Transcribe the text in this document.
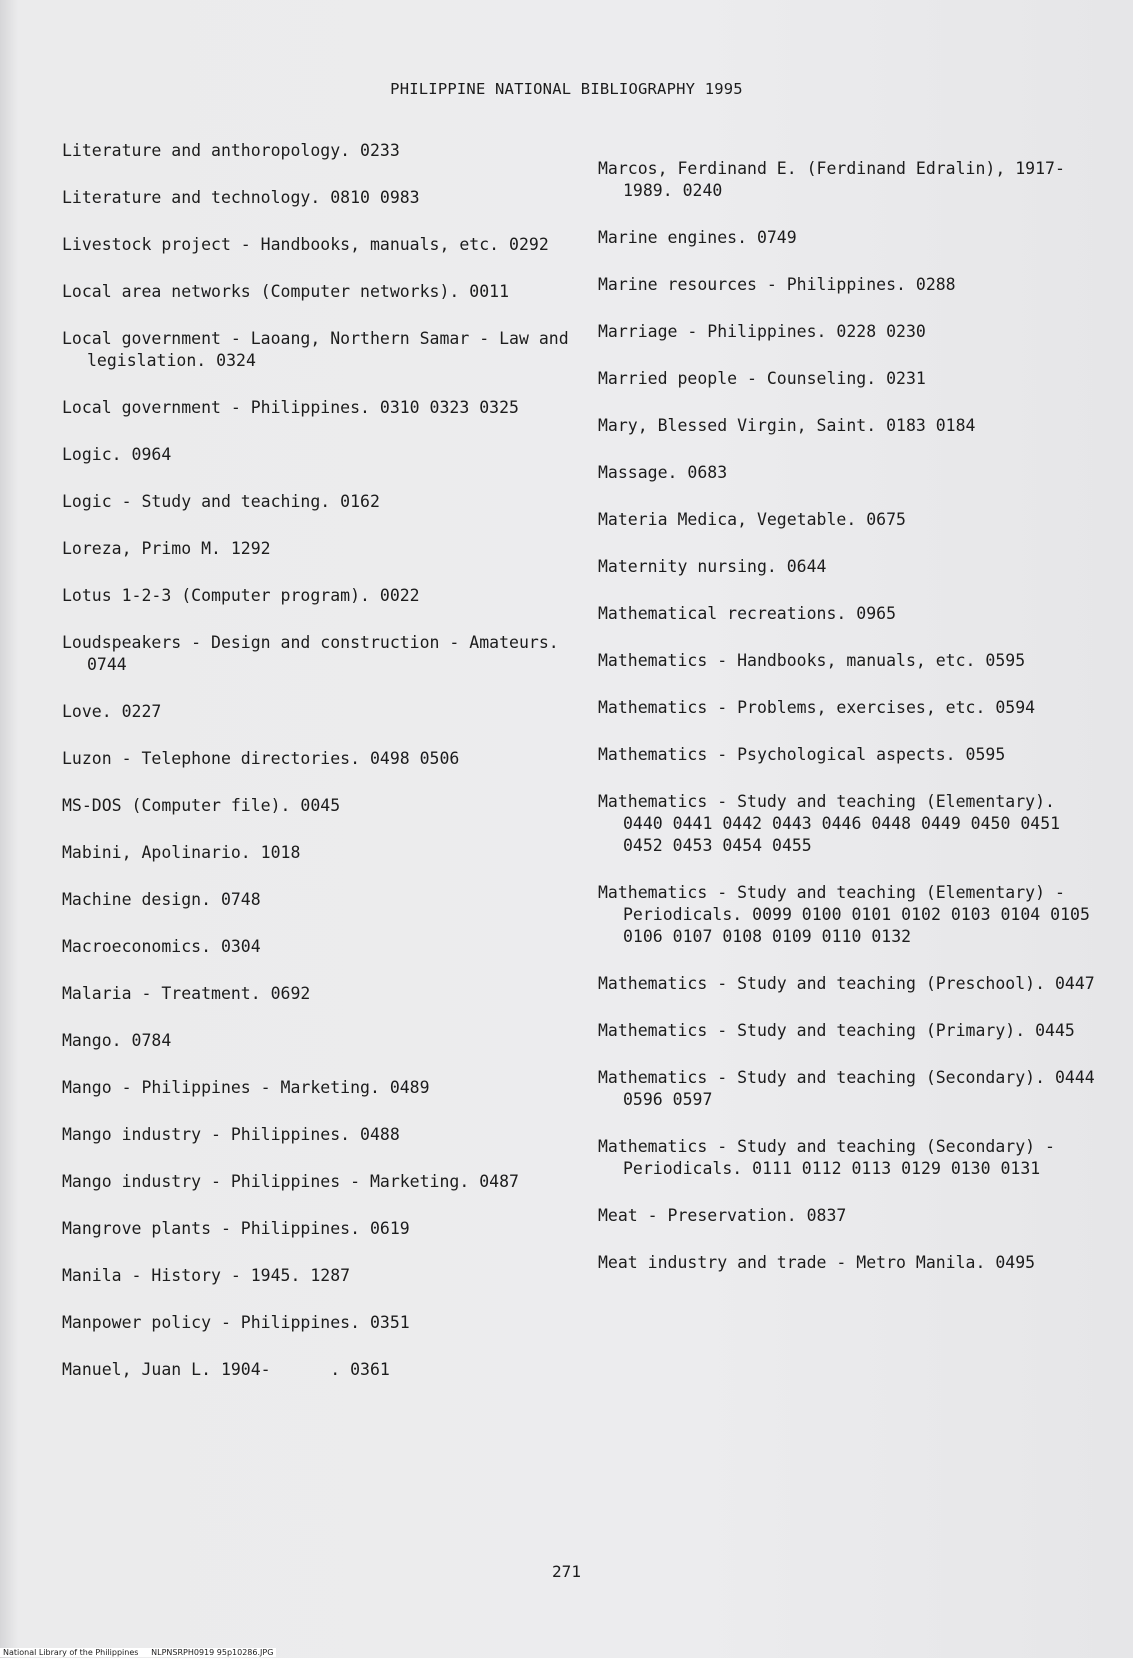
PHILIPPINE NATIONAL BIBLIOGRAPHY 1995
Literature and anthoropology. 0233
Literature and technology. 0810 0983
Livestock project - Handbooks, manuals, etc. 0292
Local area networks (Computer networks). 0011
Local government - Laoang, Northern Samar - Law and legislation. 0324
Local government - Philippines. 0310 0323 0325
Logic. 0964
Logic - Study and teaching. 0162
Loreza, Primo M. 1292
Lotus 1-2-3 (Computer program). 0022
Loudspeakers - Design and construction - Amateurs. 0744
Love. 0227
Luzon - Telephone directories. 0498 0506
MS-DOS (Computer file). 0045
Mabini, Apolinario. 1018
Machine design. 0748
Macroeconomics. 0304
Malaria - Treatment. 0692
Mango. 0784
Mango - Philippines - Marketing. 0489
Mango industry - Philippines. 0488
Mango industry - Philippines - Marketing. 0487
Mangrove plants - Philippines. 0619
Manila - History - 1945. 1287
Manpower policy - Philippines. 0351
Manuel, Juan L. 1904-      . 0361
Marcos, Ferdinand E. (Ferdinand Edralin), 1917-1989. 0240
Marine engines. 0749
Marine resources - Philippines. 0288
Marriage - Philippines. 0228 0230
Married people - Counseling. 0231
Mary, Blessed Virgin, Saint. 0183 0184
Massage. 0683
Materia Medica, Vegetable. 0675
Maternity nursing. 0644
Mathematical recreations. 0965
Mathematics - Handbooks, manuals, etc. 0595
Mathematics - Problems, exercises, etc. 0594
Mathematics - Psychological aspects. 0595
Mathematics - Study and teaching (Elementary). 0440 0441 0442 0443 0446 0448 0449 0450 0451 0452 0453 0454 0455
Mathematics - Study and teaching (Elementary) - Periodicals. 0099 0100 0101 0102 0103 0104 0105 0106 0107 0108 0109 0110 0132
Mathematics - Study and teaching (Preschool). 0447
Mathematics - Study and teaching (Primary). 0445
Mathematics - Study and teaching (Secondary). 0444 0596 0597
Mathematics - Study and teaching (Secondary) - Periodicals. 0111 0112 0113 0129 0130 0131
Meat - Preservation. 0837
Meat industry and trade - Metro Manila. 0495
271
National Library of the Philippines     NLPNSRPH0919 95p10286.JPG
